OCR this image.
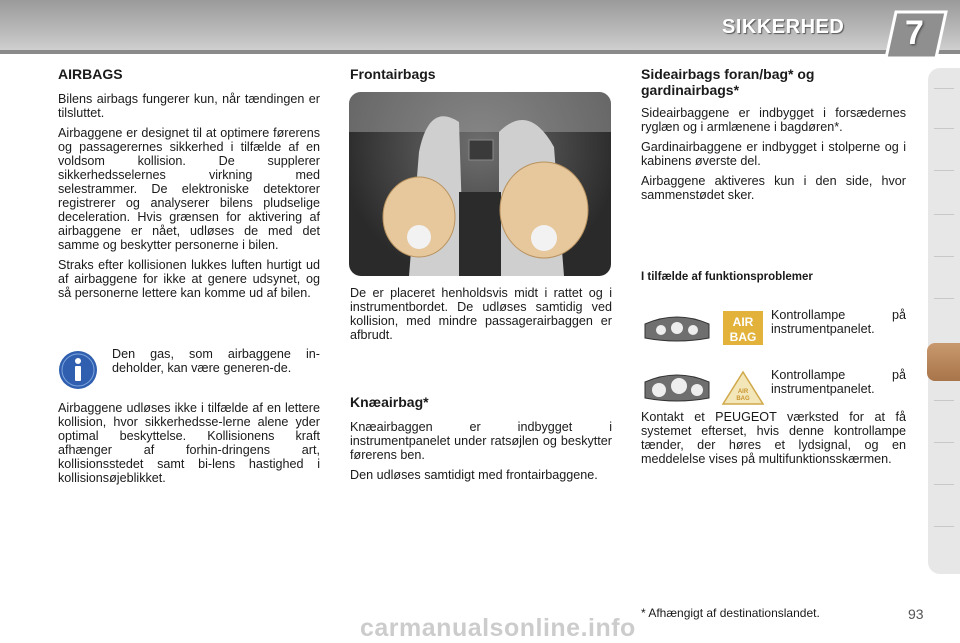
SIKKERHED 7
AIRBAGS

Bilens airbags fungerer kun, når tændingen er tilsluttet.

Airbaggene er designet til at optimere førerens og passagerernes sikkerhed i tilfælde af en voldsom kollision. De supplerer sikkerhedsselernes virkning med selestrammer. De elektroniske detektorer registrerer og analyserer bilens pludselige deceleration. Hvis grænsen for aktivering af airbaggene er nået, udløses de med det samme og beskytter personerne i bilen.

Straks efter kollisionen lukkes luften hurtigt ud af airbaggene for ikke at genere udsynet, og så personerne lettere kan komme ud af bilen.

Den gas, som airbaggene in-deholder, kan være generen-de.

Airbaggene udløses ikke i tilfælde af en lettere kollision, hvor sikkerhedsse-lerne alene yder optimal beskyttelse. Kollisionens kraft afhænger af forhin-dringens art, kollisionsstedet samt bi-lens hastighed i kollisionsøjeblikket.

Frontairbags

De er placeret henholdsvis midt i rattet og i instrumentbordet. De udløses samtidig ved kollision, med mindre passagerairbaggen er afbrudt.

Knæairbag*

Knæairbaggen er indbygget i instrumentpanelet under ratsøjlen og beskytter førerens ben.

Den udløses samtidigt med frontairbaggene.

Sideairbags foran/bag* og gardinairbags*

Sideairbaggene er indbygget i forsædernes ryglæn og i armlænene i bagdøren*.

Gardinairbaggene er indbygget i stolperne og i kabinens øverste del.

Airbaggene aktiveres kun i den side, hvor sammenstødet sker.

I tilfælde af funktionsproblemer
AIR
BAG
Kontrollampe på instrumentpanelet.
AIR
BAG
Kontrollampe på instrumentpanelet.

Kontakt et PEUGEOT værksted for at få systemet efterset, hvis denne kontrollampe tænder, der høres et lydsignal, og en meddelelse vises på multifunktionsskærmen.

* Afhængigt af destinationslandet.	93
carmanualsonline.info
